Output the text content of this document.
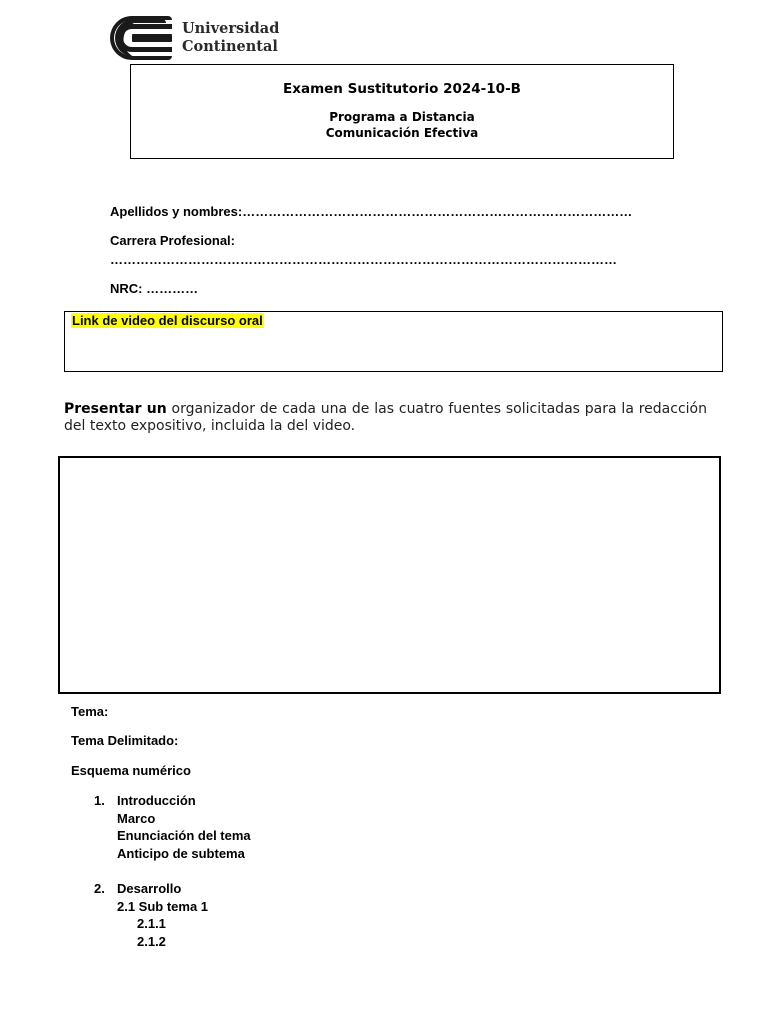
Universidad
Continental
Examen Sustitutorio 2024-10-B
Programa a Distancia
Comunicación Efectiva
Apellidos y nombres:………………………………………………………………………………
Carrera Profesional:
………………………………………………………………………………………………………
NRC: …………
Link de video del discurso oral
Presentar un organizador de cada una de las cuatro fuentes solicitadas para la redacción del texto expositivo, incluida la del video.
Tema:
Tema Delimitado:
Esquema numérico
1. Introducción
Marco
Enunciación del tema
Anticipo de subtema
2. Desarrollo
2.1 Sub tema 1
2.1.1
2.1.2
